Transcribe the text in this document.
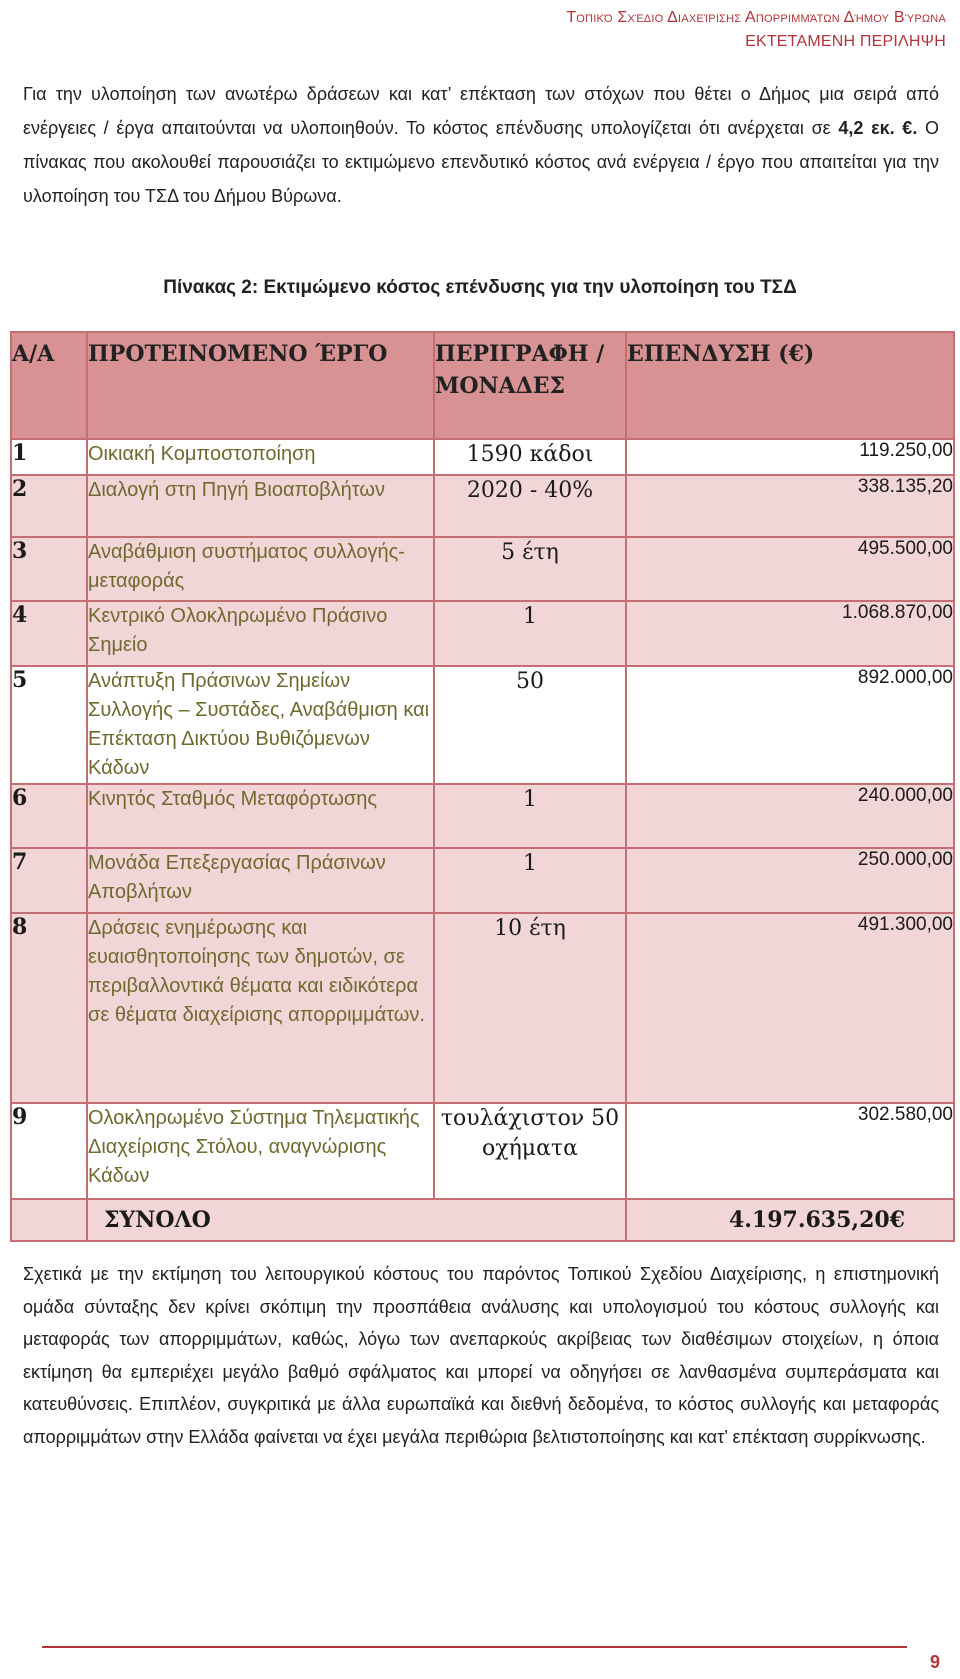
Τοπικό Σχέδιο Διαχείρισης Απορριμμάτων Δήμου Βύρωνα
ΕΚΤΕΤΑΜΕΝΗ ΠΕΡΙΛΗΨΗ

Για την υλοποίηση των ανωτέρω δράσεων και κατ’ επέκταση των στόχων που θέτει ο Δήμος μια σειρά από ενέργειες / έργα απαιτούνται να υλοποιηθούν. Το κόστος επένδυσης υπολογίζεται ότι ανέρχεται σε 4,2 εκ. €. Ο πίνακας που ακολουθεί παρουσιάζει το εκτιμώμενο επενδυτικό κόστος ανά ενέργεια / έργο που απαιτείται για την υλοποίηση του ΤΣΔ του Δήμου Βύρωνα.

Πίνακας 2: Εκτιμώμενο κόστος επένδυσης για την υλοποίηση του ΤΣΔ
Α/Α	ΠΡΟΤΕΙΝΟΜΕΝΟ ΈΡΓΟ	ΠΕΡΙΓΡΑΦΗ /ΜΟΝΑΔΕΣ	ΕΠΕΝΔΥΣΗ (€)
1	Οικιακή Κομποστοποίηση	1590 κάδοι	119.250,00
2	Διαλογή στη Πηγή Βιοαποβλήτων	2020 - 40%	338.135,20
3	Αναβάθμιση συστήματος συλλογής-μεταφοράς	5 έτη	495.500,00
4	Κεντρικό Ολοκληρωμένο Πράσινο Σημείο	1	1.068.870,00
5	Ανάπτυξη Πράσινων Σημείων Συλλογής – Συστάδες, Αναβάθμιση και Επέκταση Δικτύου Βυθιζόμενων Κάδων	50	892.000,00
6	Κινητός Σταθμός Μεταφόρτωσης	1	240.000,00
7	Μονάδα Επεξεργασίας Πράσινων Αποβλήτων	1	250.000,00
8	Δράσεις ενημέρωσης και ευαισθητοποίησης των δημοτών, σε περιβαλλοντικά θέματα και ειδικότερα σε θέματα διαχείρισης απορριμμάτων.	10 έτη	491.300,00
9	Ολοκληρωμένο Σύστημα Τηλεματικής Διαχείρισης Στόλου, αναγνώρισης Κάδων	τουλάχιστον 50 οχήματα	302.580,00
	ΣΥΝΟΛΟ		4.197.635,20€

Σχετικά με την εκτίμηση του λειτουργικού κόστους του παρόντος Τοπικού Σχεδίου Διαχείρισης, η επιστημονική ομάδα σύνταξης δεν κρίνει σκόπιμη την προσπάθεια ανάλυσης και υπολογισμού του κόστους συλλογής και μεταφοράς των απορριμμάτων, καθώς, λόγω των ανεπαρκούς ακρίβειας των διαθέσιμων στοιχείων, η όποια εκτίμηση θα εμπεριέχει μεγάλο βαθμό σφάλματος και μπορεί να οδηγήσει σε λανθασμένα συμπεράσματα και κατευθύνσεις. Επιπλέον, συγκριτικά με άλλα ευρωπαϊκά και διεθνή δεδομένα, το κόστος συλλογής και μεταφοράς απορριμμάτων στην Ελλάδα φαίνεται να έχει μεγάλα περιθώρια βελτιστοποίησης και κατ’ επέκταση συρρίκνωσης.

9
